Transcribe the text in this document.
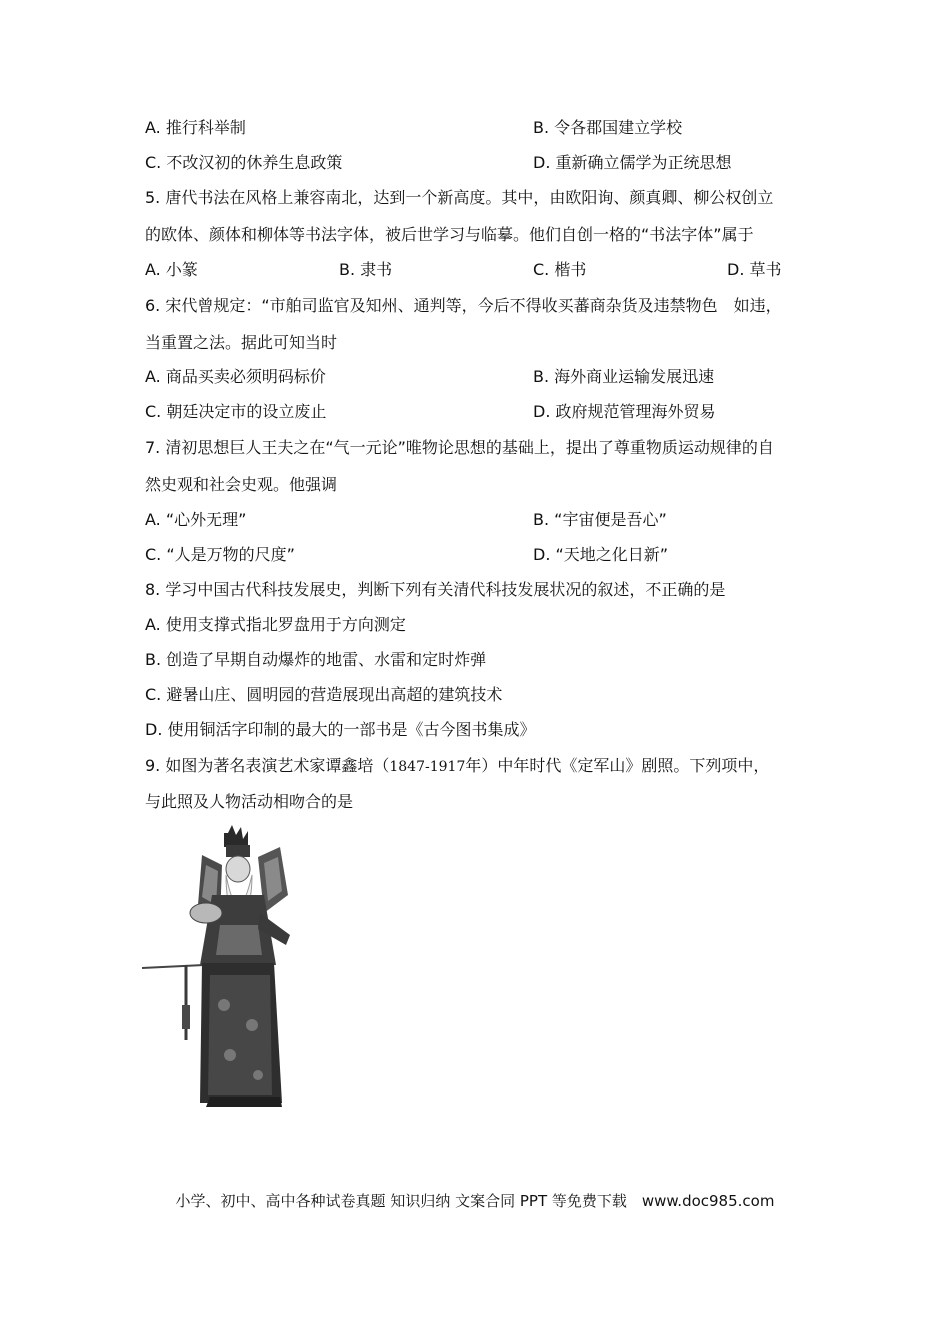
A. 推行科举制	B. 令各郡国建立学校
C. 不改汉初的休养生息政策	D. 重新确立儒学为正统思想
5. 唐代书法在风格上兼容南北，达到一个新高度。其中，由欧阳询、颜真卿、柳公权创立
的欧体、颜体和柳体等书法字体，被后世学习与临摹。他们自创一格的“书法字体”属于
A. 小篆	B. 隶书	C. 楷书	D. 草书
6. 宋代曾规定：“市舶司监官及知州、通判等，今后不得收买蕃商杂货及违禁物色　如违，
当重置之法。据此可知当时
A. 商品买卖必须明码标价	B. 海外商业运输发展迅速
C. 朝廷决定市的设立废止	D. 政府规范管理海外贸易
7. 清初思想巨人王夫之在“气一元论”唯物论思想的基础上，提出了尊重物质运动规律的自
然史观和社会史观。他强调
A. “心外无理”	B. “宇宙便是吾心”
C. “人是万物的尺度”	D. “天地之化日新”
8. 学习中国古代科技发展史，判断下列有关清代科技发展状况的叙述，不正确的是
A. 使用支撑式指北罗盘用于方向测定
B. 创造了早期自动爆炸的地雷、水雷和定时炸弹
C. 避暑山庄、圆明园的营造展现出高超的建筑技术
D. 使用铜活字印制的最大的一部书是《古今图书集成》
9. 如图为著名表演艺术家谭鑫培（1847-1917年）中年时代《定军山》剧照。下列项中，
与此照及人物活动相吻合的是
小学、初中、高中各种试卷真题 知识归纳 文案合同 PPT 等免费下载　www.doc985.com
